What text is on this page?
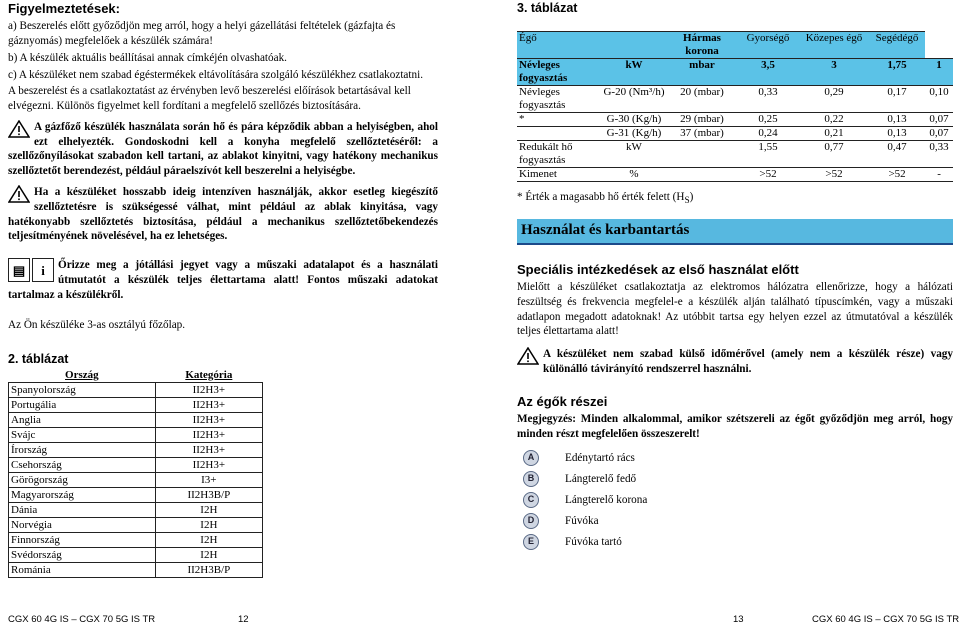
Figyelmeztetések:
a) Beszerelés előtt győződjön meg arról, hogy a helyi gázellátási feltételek (gázfajta és gáznyomás) megfelelőek a készülék számára!
b) A készülék aktuális beállításai annak címkéjén olvashatóak.
c) A készüléket nem szabad égéstermékek eltávolítására szolgáló készülékhez csatlakoztatni.
A beszerelést és a csatlakoztatást az érvényben levő beszerelési előírások betartásával kell elvégezni. Különös figyelmet kell fordítani a megfelelő szellőzés biztosítására.

A gázfőző készülék használata során hő és pára képződik abban a helyiségben, ahol ezt elhelyezték. Gondoskodni kell a konyha megfelelő szellőztetéséről: a szellőzőnyílásokat szabadon kell tartani, az ablakot kinyitni, vagy hatékony mechanikus szellőztetőt berendezést, például páraelszívót kell beszerelni a helyiségbe.

Ha a készüléket hosszabb ideig intenzíven használják, akkor esetleg kiegészítő szellőztetésre is szükségessé válhat, mint például az ablak kinyitása, vagy hatékonyabb szellőztetés biztosítása, például a mechanikus szellőztetőbekendezés teljesítményének növelésével, ha ez lehetséges.

▤	i	Őrizze meg a jótállási jegyet vagy a műszaki adatalapot és a használati útmutatót a készülék teljes élettartama alatt! Fontos műszaki adatokat tartalmaz a készülékről.

Az Ön készüléke 3-as osztályú főzőlap.

2. táblázat
Ország	Kategória
Spanyolország	II2H3+
Portugália	II2H3+
Anglia	II2H3+
Svájc	II2H3+
Írország	II2H3+
Csehország	II2H3+
Görögország	I3+
Magyarország	II2H3B/P
Dánia	I2H
Norvégia	I2H
Finnország	I2H
Svédország	I2H
Románia	II2H3B/P
3. táblázat
Égő		Hármas korona	Gyorségő	Közepes égő	Segédégő	
Névleges fogyasztás	kW	mbar	3,5	3	1,75	1
Névleges fogyasztás	G-20 (Nm³/h)	20 (mbar)	0,33	0,29	0,17	0,10
*	G-30 (Kg/h)	29 (mbar)	0,25	0,22	0,13	0,07
	G-31 (Kg/h)	37 (mbar)	0,24	0,21	0,13	0,07
Redukált hő fogyasztás	kW		1,55	0,77	0,47	0,33
Kimenet	%		>52	>52	>52	-

* Érték a magasabb hő érték felett $(H_S)$

Használat és karbantartás
Speciális intézkedések az első használat előtt

Mielőtt a készüléket csatlakoztatja az elektromos hálózatra ellenőrizze, hogy a hálózati feszültség és frekvencia megfelel-e a készülék alján található típuscímkén, vagy a műszaki adatlapon megadott adatoknak! Az utóbbit tartsa egy helyen ezzel az útmutatóval a készülék teljes élettartama alatt!

A készüléket nem szabad külső időmérővel (amely nem a készülék része) vagy különálló távirányító rendszerrel használni.

Az égők részei

Megjegyzés: Minden alkalommal, amikor szétszereli az égőt győződjön meg arról, hogy minden részt megfelelően összeszerelt!

A	Edénytartó rács
B	Lángterelő fedő
C	Lángterelő korona
D	Fúvóka
E	Fúvóka tartó
CGX 60 4G IS – CGX 70 5G IS TR	12	13	CGX 60 4G IS – CGX 70 5G IS TR
